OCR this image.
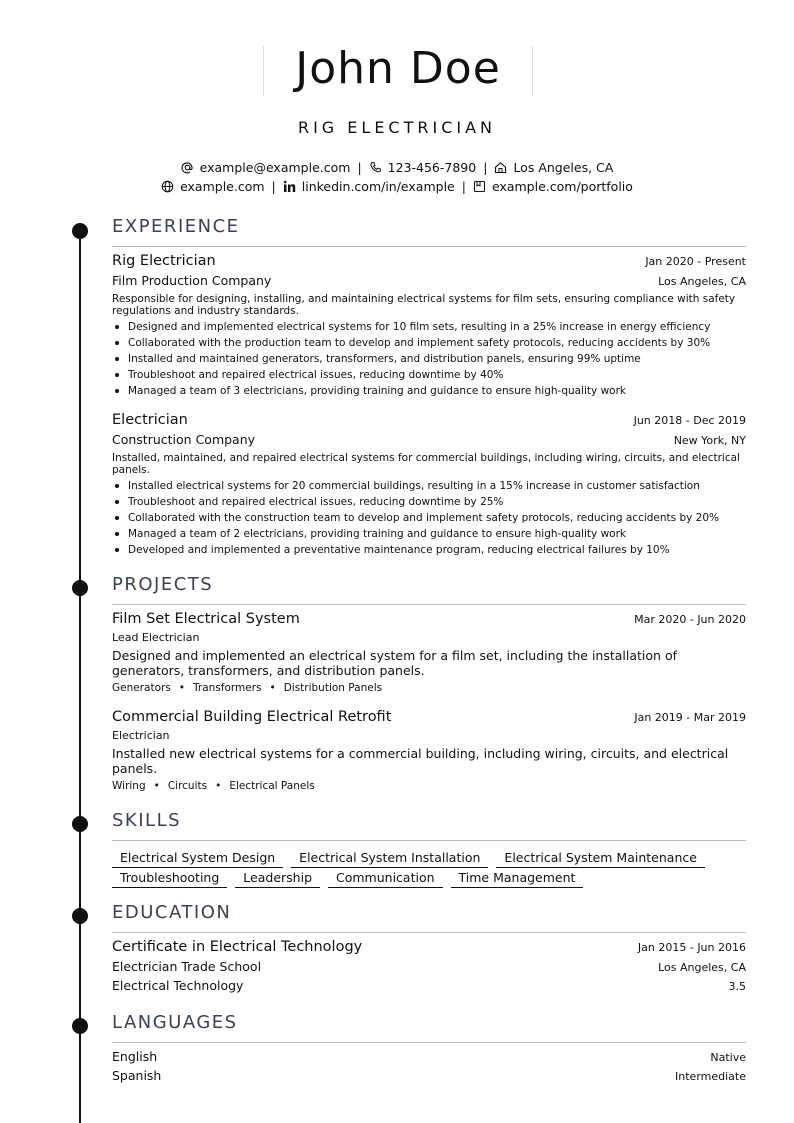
John Doe
RIG ELECTRICIAN
example@example.com | 123-456-7890 | Los Angeles, CA
example.com | linkedin.com/in/example | example.com/portfolio
EXPERIENCE
Rig Electrician	Jan 2020 - Present
Film Production Company	Los Angeles, CA
Responsible for designing, installing, and maintaining electrical systems for film sets, ensuring compliance with safety regulations and industry standards.
Designed and implemented electrical systems for 10 film sets, resulting in a 25% increase in energy efficiency
Collaborated with the production team to develop and implement safety protocols, reducing accidents by 30%
Installed and maintained generators, transformers, and distribution panels, ensuring 99% uptime
Troubleshoot and repaired electrical issues, reducing downtime by 40%
Managed a team of 3 electricians, providing training and guidance to ensure high-quality work
Electrician	Jun 2018 - Dec 2019
Construction Company	New York, NY
Installed, maintained, and repaired electrical systems for commercial buildings, including wiring, circuits, and electrical panels.
Installed electrical systems for 20 commercial buildings, resulting in a 15% increase in customer satisfaction
Troubleshoot and repaired electrical issues, reducing downtime by 25%
Collaborated with the construction team to develop and implement safety protocols, reducing accidents by 20%
Managed a team of 2 electricians, providing training and guidance to ensure high-quality work
Developed and implemented a preventative maintenance program, reducing electrical failures by 10%
PROJECTS
Film Set Electrical System	Mar 2020 - Jun 2020
Lead Electrician
Designed and implemented an electrical system for a film set, including the installation of generators, transformers, and distribution panels.
Generators • Transformers • Distribution Panels
Commercial Building Electrical Retrofit	Jan 2019 - Mar 2019
Electrician
Installed new electrical systems for a commercial building, including wiring, circuits, and electrical panels.
Wiring • Circuits • Electrical Panels
SKILLS
Electrical System Design Electrical System Installation Electrical System Maintenance
Troubleshooting Leadership Communication Time Management
EDUCATION
Certificate in Electrical Technology	Jan 2015 - Jun 2016
Electrician Trade School	Los Angeles, CA
Electrical Technology	3.5
LANGUAGES
English	Native
Spanish	Intermediate
